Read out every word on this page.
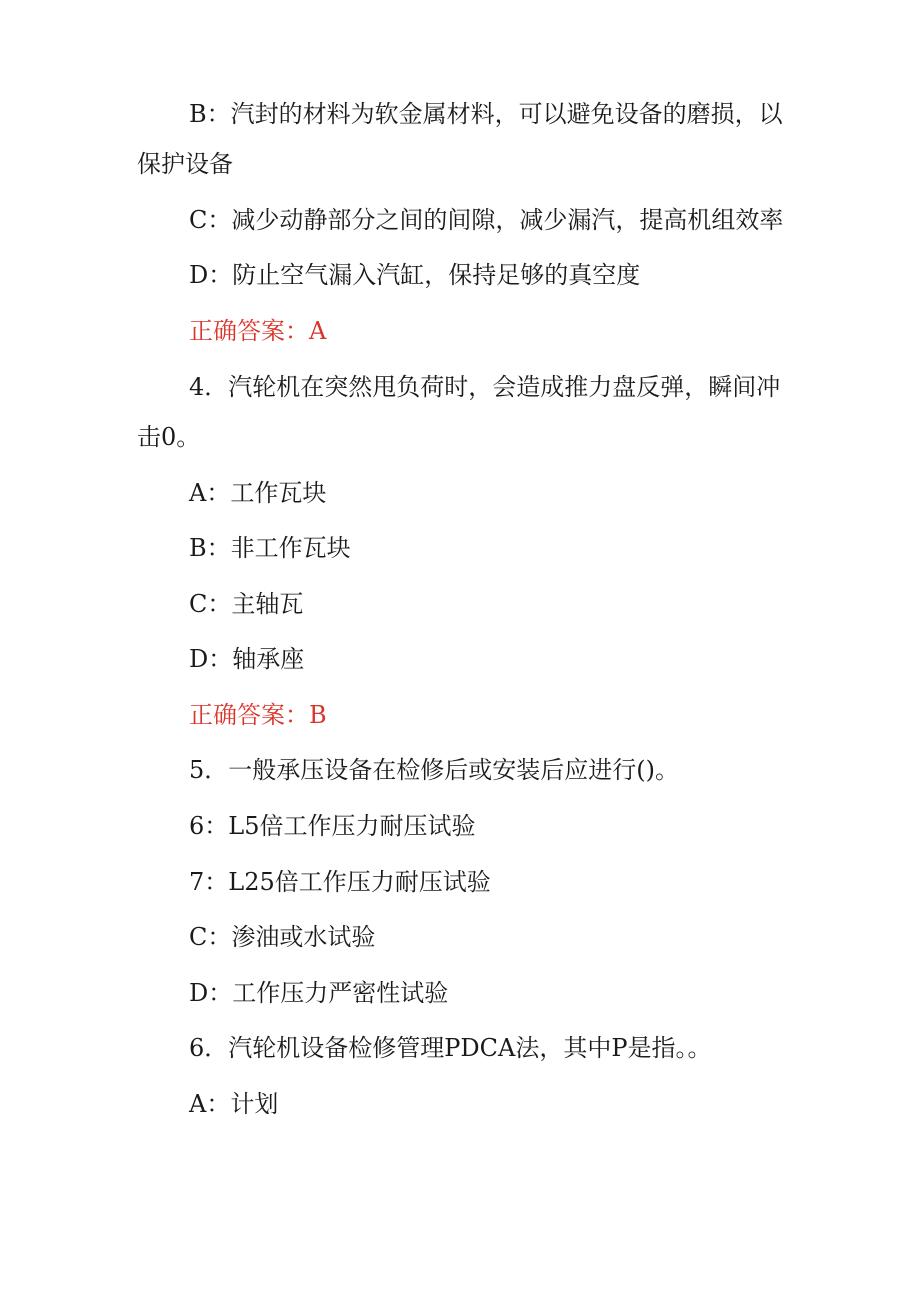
B：汽封的材料为软金属材料，可以避免设备的磨损，以
保护设备
C：减少动静部分之间的间隙，减少漏汽，提高机组效率
D：防止空气漏入汽缸，保持足够的真空度
正确答案：A
4．汽轮机在突然甩负荷时，会造成推力盘反弹，瞬间冲
击0。
A：工作瓦块
B：非工作瓦块
C：主轴瓦
D：轴承座
正确答案：B
5．一般承压设备在检修后或安装后应进行()。
6：L5倍工作压力耐压试验
7：L25倍工作压力耐压试验
C：渗油或水试验
D：工作压力严密性试验
6．汽轮机设备检修管理PDCA法，其中P是指。。
A：计划
